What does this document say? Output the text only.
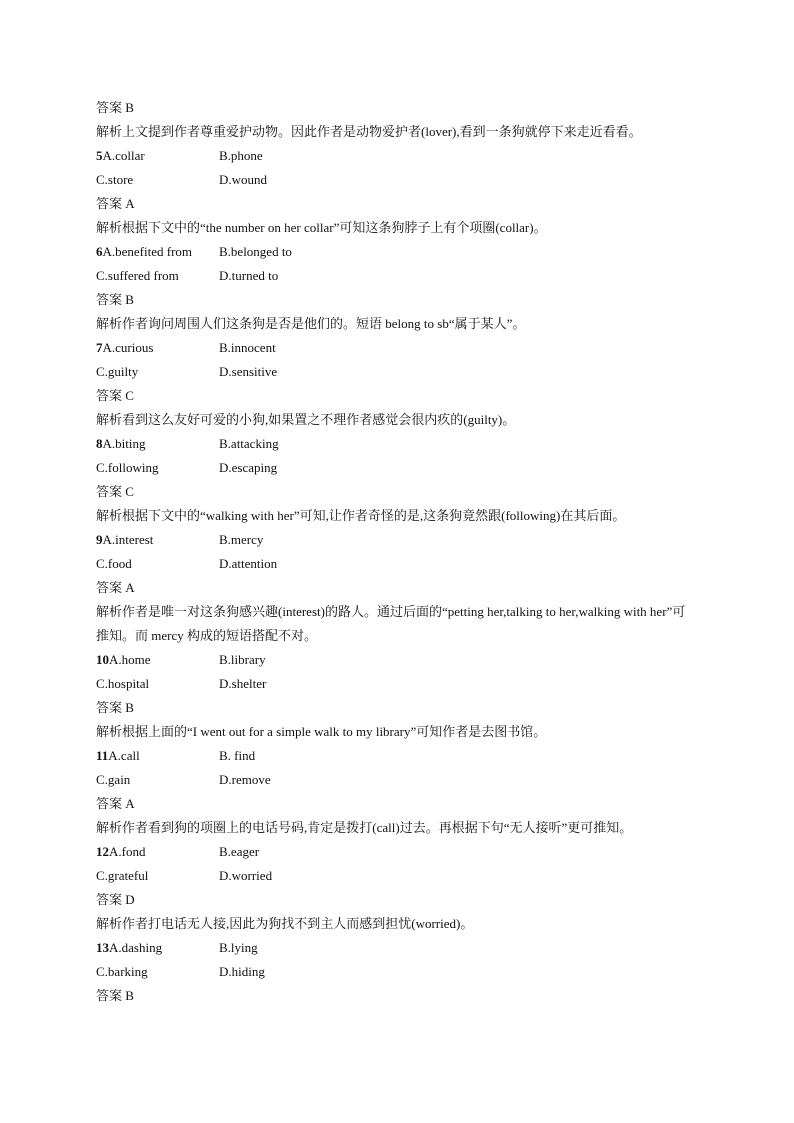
答案 B
解析上文提到作者尊重爱护动物。因此作者是动物爱护者(lover),看到一条狗就停下来走近看看。
5A.collar	B.phone
C.store	D.wound
答案 A
解析根据下文中的“the number on her collar”可知这条狗脖子上有个项圈(collar)。
6A.benefited from B.belonged to
C.suffered from	D.turned to
答案 B
解析作者询问周围人们这条狗是否是他们的。短语 belong to sb“属于某人”。
7A.curious	B.innocent
C.guilty	D.sensitive
答案 C
解析看到这么友好可爱的小狗,如果置之不理作者感觉会很内疚的(guilty)。
8A.biting	B.attacking
C.following	D.escaping
答案 C
解析根据下文中的“walking with her”可知,让作者奇怪的是,这条狗竟然跟(following)在其后面。
9A.interest	B.mercy
C.food	D.attention
答案 A
解析作者是唯一对这条狗感兴趣(interest)的路人。通过后面的“petting her,talking to her,walking with her”可推知。而 mercy 构成的短语搭配不对。
10A.home	B.library
C.hospital	D.shelter
答案 B
解析根据上面的“I went out for a simple walk to my library”可知作者是去图书馆。
11A.call	B. find
C.gain	D.remove
答案 A
解析作者看到狗的项圈上的电话号码,肯定是拨打(call)过去。再根据下句“无人接听”更可推知。
12A.fond	B.eager
C.grateful	D.worried
答案 D
解析作者打电话无人接,因此为狗找不到主人而感到担忧(worried)。
13A.dashing	B.lying
C.barking	D.hiding
答案 B
